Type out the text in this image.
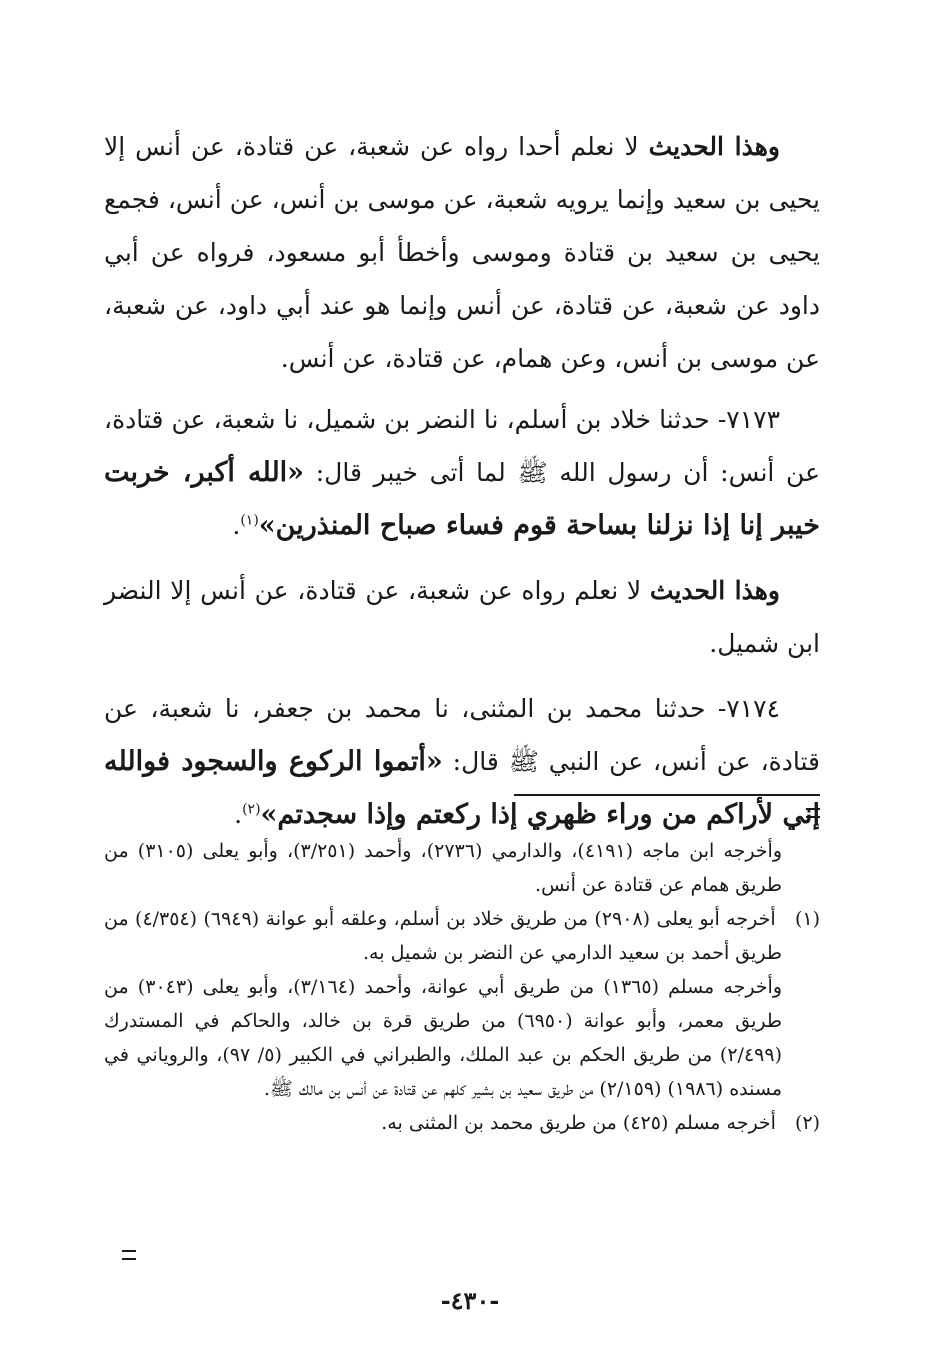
وهذا الحديث لا نعلم أحدا رواه عن شعبة، عن قتادة، عن أنس إلا يحيى بن سعيد وإنما يرويه شعبة، عن موسى بن أنس، عن أنس، فجمع يحيى بن سعيد بن قتادة وموسى وأخطأ أبو مسعود، فرواه عن أبي داود عن شعبة، عن قتادة، عن أنس وإنما هو عند أبي داود، عن شعبة، عن موسى بن أنس، وعن همام، عن قتادة، عن أنس.

٧١٧٣- حدثنا خلاد بن أسلم، نا النضر بن شميل، نا شعبة، عن قتادة، عن أنس: أن رسول الله ﷺ لما أتى خيبر قال: «الله أكبر، خربت خيبر إنا إذا نزلنا بساحة قوم فساء صباح المنذرين»$^{(١)}$.

وهذا الحديث لا نعلم رواه عن شعبة، عن قتادة، عن أنس إلا النضر ابن شميل.

٧١٧٤- حدثنا محمد بن المثنى، نا محمد بن جعفر، نا شعبة، عن قتادة، عن أنس، عن النبي ﷺ قال: «أتموا الركوع والسجود فوالله إني لأراكم من وراء ظهري إذا ركعتم وإذا سجدتم»$^{(٢)}$.

وأخرجه ابن ماجه (٤١٩١)، والدارمي (٢٧٣٦)، وأحمد (٣/٢٥١)، وأبو يعلى (٣١٠٥) من طريق همام عن قتادة عن أنس.

(١) أخرجه أبو يعلى (٢٩٠٨) من طريق خلاد بن أسلم، وعلقه أبو عوانة (٦٩٤٩) (٤/٣٥٤) من طريق أحمد بن سعيد الدارمي عن النضر بن شميل به.

وأخرجه مسلم (١٣٦٥) من طريق أبي عوانة، وأحمد (٣/١٦٤)، وأبو يعلى (٣٠٤٣) من طريق معمر، وأبو عوانة (٦٩٥٠) من طريق قرة بن خالد، والحاكم في المستدرك (٢/٤٩٩) من طريق الحكم بن عبد الملك، والطبراني في الكبير (٥/ ٩٧)، والروياني في مسنده (١٩٨٦) (٢/١٥٩) من طريق سعيد بن بشير كلهم عن قتادة عن أنس بن مالك ﷺ.

(٢) أخرجه مسلم (٤٢٥) من طريق محمد بن المثنى به.

-٤٣٠-
